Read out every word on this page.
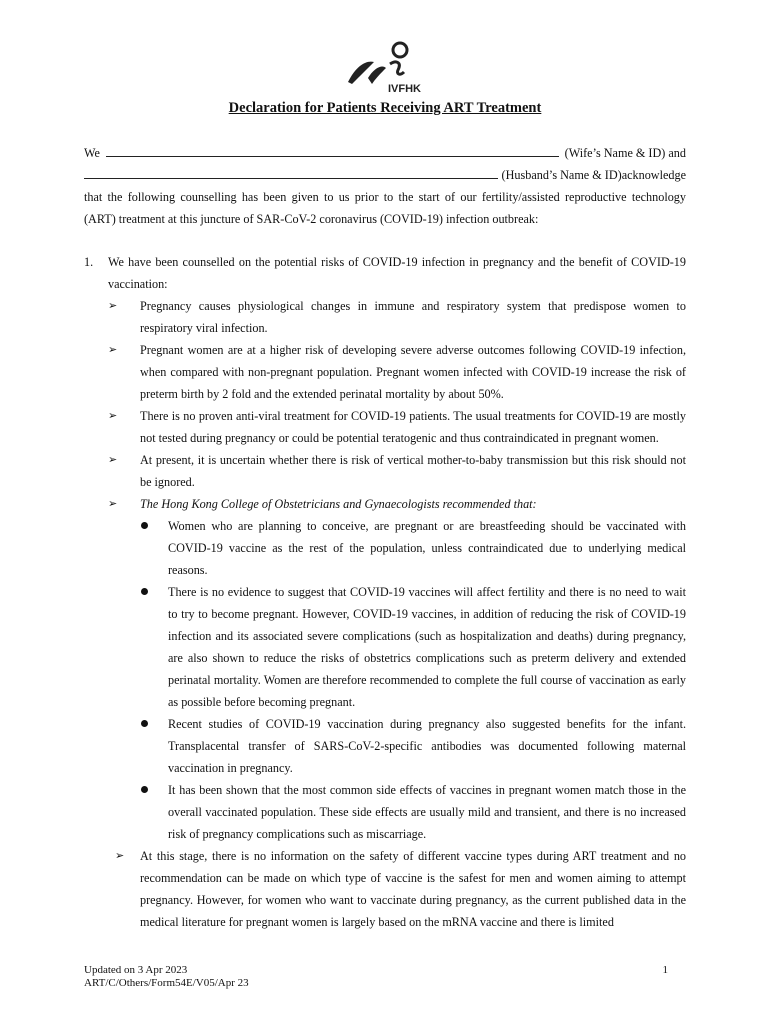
IVFHK
Declaration for Patients Receiving ART Treatment
We	(Wife’s Name & ID) and
(Husband’s Name & ID)acknowledge

that the following counselling has been given to us prior to the start of our fertility/assisted reproductive technology

(ART) treatment at this juncture of SAR-CoV-2 coronavirus (COVID-19) infection outbreak:

1.	We have been counselled on the potential risks of COVID-19 infection in pregnancy and the benefit of COVID-19 vaccination:
➢	Pregnancy causes physiological changes in immune and respiratory system that predispose women to respiratory viral infection.
➢	Pregnant women are at a higher risk of developing severe adverse outcomes following COVID-19 infection, when compared with non-pregnant population. Pregnant women infected with COVID-19 increase the risk of preterm birth by 2 fold and the extended perinatal mortality by about 50%.
➢	There is no proven anti-viral treatment for COVID-19 patients. The usual treatments for COVID-19 are mostly not tested during pregnancy or could be potential teratogenic and thus contraindicated in pregnant women.
➢	At present, it is uncertain whether there is risk of vertical mother-to-baby transmission but this risk should not be ignored.
➢	The Hong Kong College of Obstetricians and Gynaecologists recommended that:
Women who are planning to conceive, are pregnant or are breastfeeding should be vaccinated with COVID-19 vaccine as the rest of the population, unless contraindicated due to underlying medical reasons.
There is no evidence to suggest that COVID-19 vaccines will affect fertility and there is no need to wait to try to become pregnant. However, COVID-19 vaccines, in addition of reducing the risk of COVID-19 infection and its associated severe complications (such as hospitalization and deaths) during pregnancy, are also shown to reduce the risks of obstetrics complications such as preterm delivery and extended perinatal mortality. Women are therefore recommended to complete the full course of vaccination as early as possible before becoming pregnant.
Recent studies of COVID-19 vaccination during pregnancy also suggested benefits for the infant. Transplacental transfer of SARS-CoV-2-specific antibodies was documented following maternal vaccination in pregnancy.
It has been shown that the most common side effects of vaccines in pregnant women match those in the overall vaccinated population. These side effects are usually mild and transient, and there is no increased risk of pregnancy complications such as miscarriage.
➢	At this stage, there is no information on the safety of different vaccine types during ART treatment and no recommendation can be made on which type of vaccine is the safest for men and women aiming to attempt pregnancy. However, for women who want to vaccinate during pregnancy, as the current published data in the medical literature for pregnant women is largely based on the mRNA vaccine and there is limited
Updated on 3 Apr 2023
ART/C/Others/Form54E/V05/Apr 23
1
